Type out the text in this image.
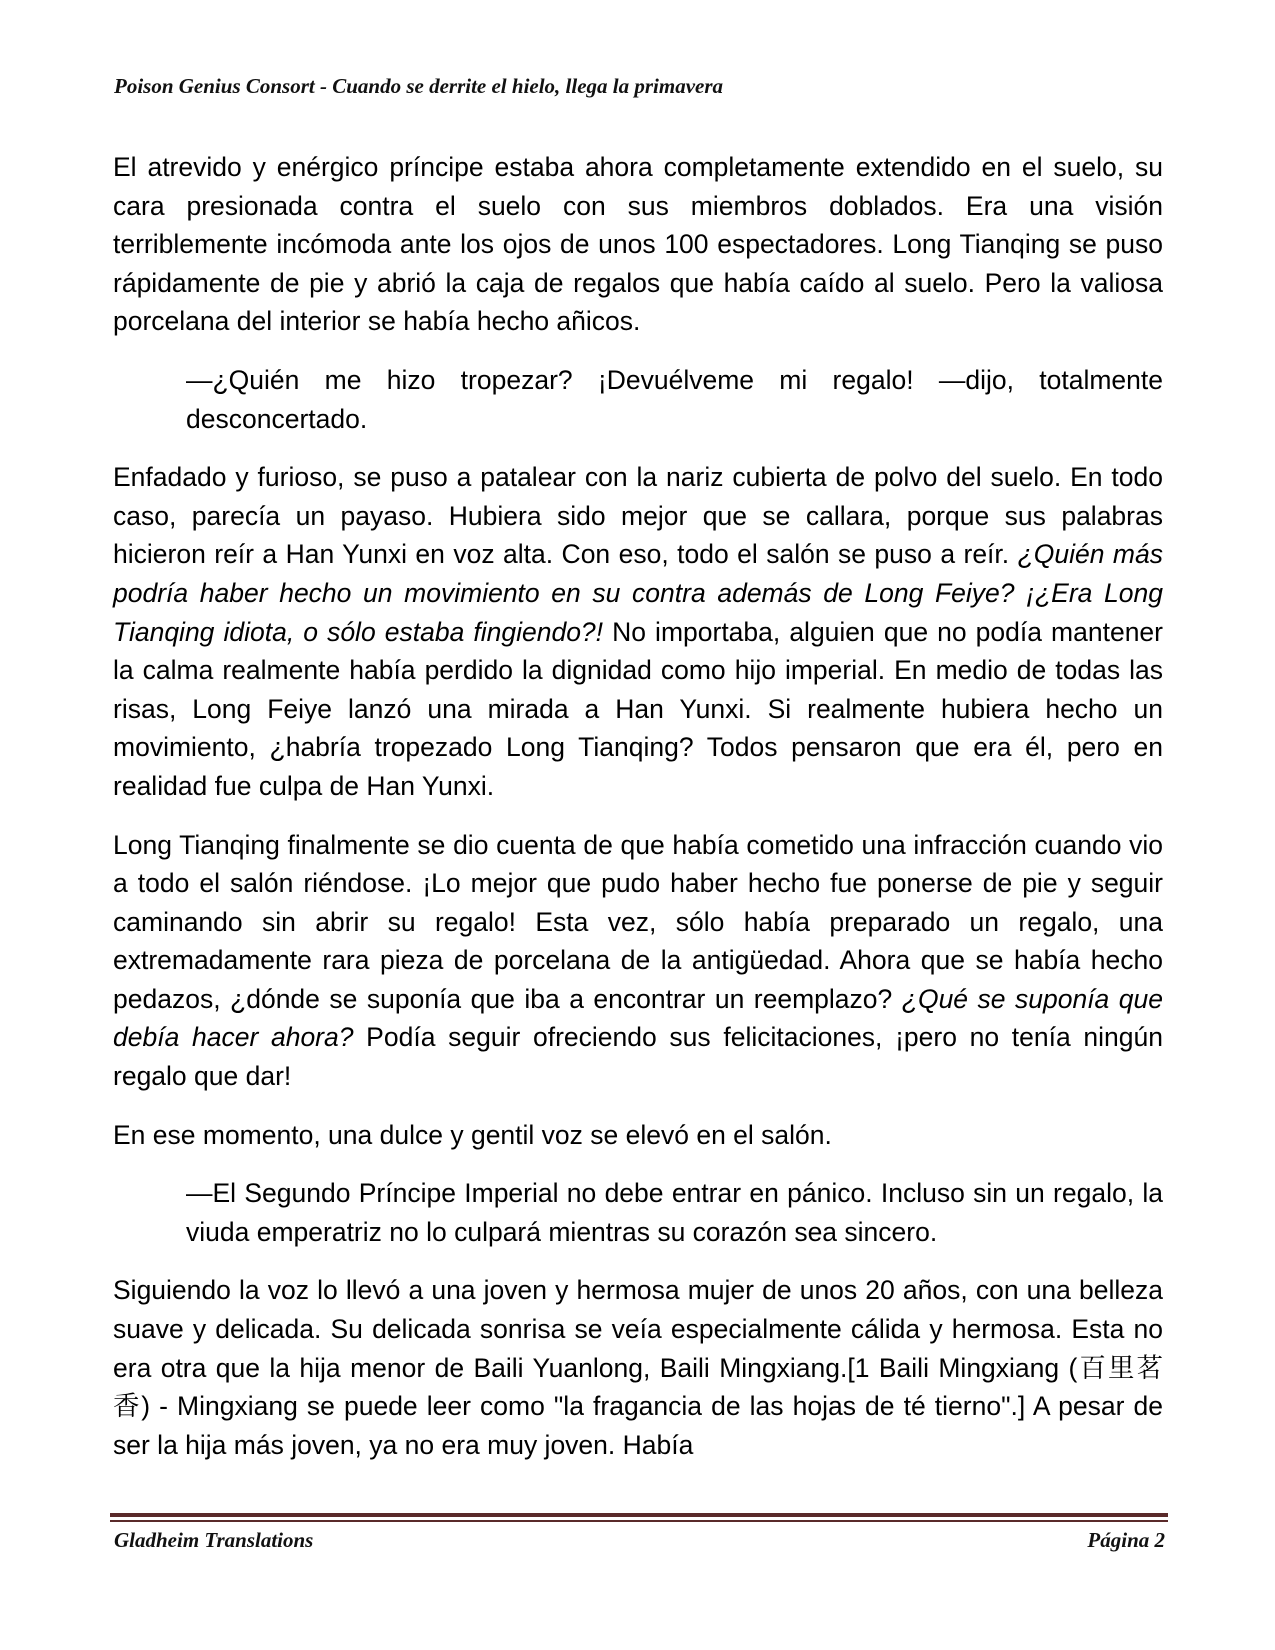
Poison Genius Consort - Cuando se derrite el hielo, llega la primavera

El atrevido y enérgico príncipe estaba ahora completamente extendido en el suelo, su cara presionada contra el suelo con sus miembros doblados. Era una visión terriblemente incómoda ante los ojos de unos 100 espectadores. Long Tianqing se puso rápidamente de pie y abrió la caja de regalos que había caído al suelo. Pero la valiosa porcelana del interior se había hecho añicos.

—¿Quién me hizo tropezar? ¡Devuélveme mi regalo! —dijo, totalmente desconcertado.

Enfadado y furioso, se puso a patalear con la nariz cubierta de polvo del suelo. En todo caso, parecía un payaso. Hubiera sido mejor que se callara, porque sus palabras hicieron reír a Han Yunxi en voz alta. Con eso, todo el salón se puso a reír. ¿Quién más podría haber hecho un movimiento en su contra además de Long Feiye? ¡¿Era Long Tianqing idiota, o sólo estaba fingiendo?! No importaba, alguien que no podía mantener la calma realmente había perdido la dignidad como hijo imperial. En medio de todas las risas, Long Feiye lanzó una mirada a Han Yunxi. Si realmente hubiera hecho un movimiento, ¿habría tropezado Long Tianqing? Todos pensaron que era él, pero en realidad fue culpa de Han Yunxi.

Long Tianqing finalmente se dio cuenta de que había cometido una infracción cuando vio a todo el salón riéndose. ¡Lo mejor que pudo haber hecho fue ponerse de pie y seguir caminando sin abrir su regalo! Esta vez, sólo había preparado un regalo, una extremadamente rara pieza de porcelana de la antigüedad. Ahora que se había hecho pedazos, ¿dónde se suponía que iba a encontrar un reemplazo? ¿Qué se suponía que debía hacer ahora? Podía seguir ofreciendo sus felicitaciones, ¡pero no tenía ningún regalo que dar!

En ese momento, una dulce y gentil voz se elevó en el salón.

—El Segundo Príncipe Imperial no debe entrar en pánico. Incluso sin un regalo, la viuda emperatriz no lo culpará mientras su corazón sea sincero.

Siguiendo la voz lo llevó a una joven y hermosa mujer de unos 20 años, con una belleza suave y delicada. Su delicada sonrisa se veía especialmente cálida y hermosa. Esta no era otra que la hija menor de Baili Yuanlong, Baili Mingxiang.[1 Baili Mingxiang (百里茗香) - Mingxiang se puede leer como "la fragancia de las hojas de té tierno".] A pesar de ser la hija más joven, ya no era muy joven. Había

Gladheim Translations	Página 2
